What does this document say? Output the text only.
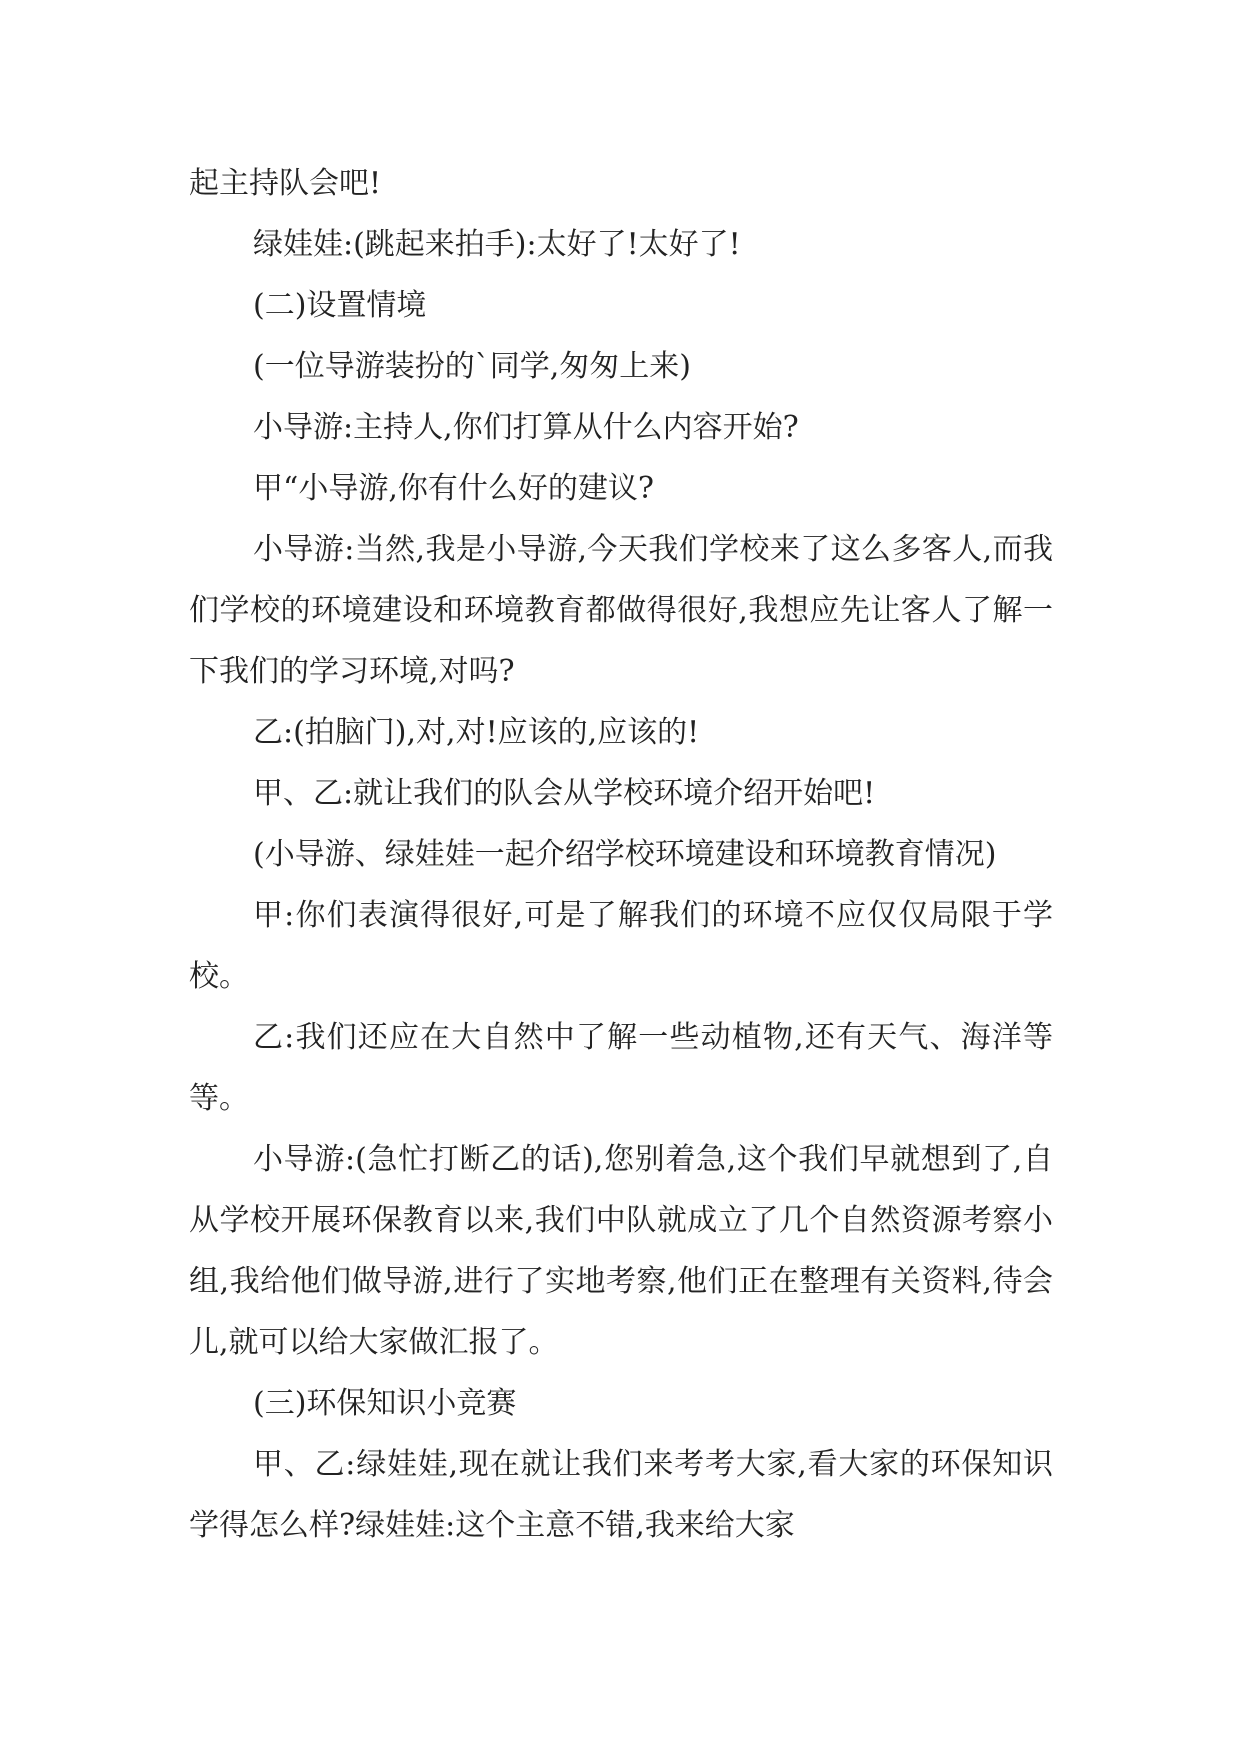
起主持队会吧!

绿娃娃:(跳起来拍手):太好了!太好了!

(二)设置情境

(一位导游装扮的`同学,匆匆上来)

小导游:主持人,你们打算从什么内容开始?

甲“小导游,你有什么好的建议?

小导游:当然,我是小导游,今天我们学校来了这么多客人,而我们学校的环境建设和环境教育都做得很好,我想应先让客人了解一下我们的学习环境,对吗?

乙:(拍脑门),对,对!应该的,应该的!

甲、乙:就让我们的队会从学校环境介绍开始吧!

(小导游、绿娃娃一起介绍学校环境建设和环境教育情况)

甲:你们表演得很好,可是了解我们的环境不应仅仅局限于学校。

乙:我们还应在大自然中了解一些动植物,还有天气、海洋等等。

小导游:(急忙打断乙的话),您别着急,这个我们早就想到了,自从学校开展环保教育以来,我们中队就成立了几个自然资源考察小组,我给他们做导游,进行了实地考察,他们正在整理有关资料,待会儿,就可以给大家做汇报了。

(三)环保知识小竞赛

甲、乙:绿娃娃,现在就让我们来考考大家,看大家的环保知识学得怎么样?绿娃娃:这个主意不错,我来给大家
